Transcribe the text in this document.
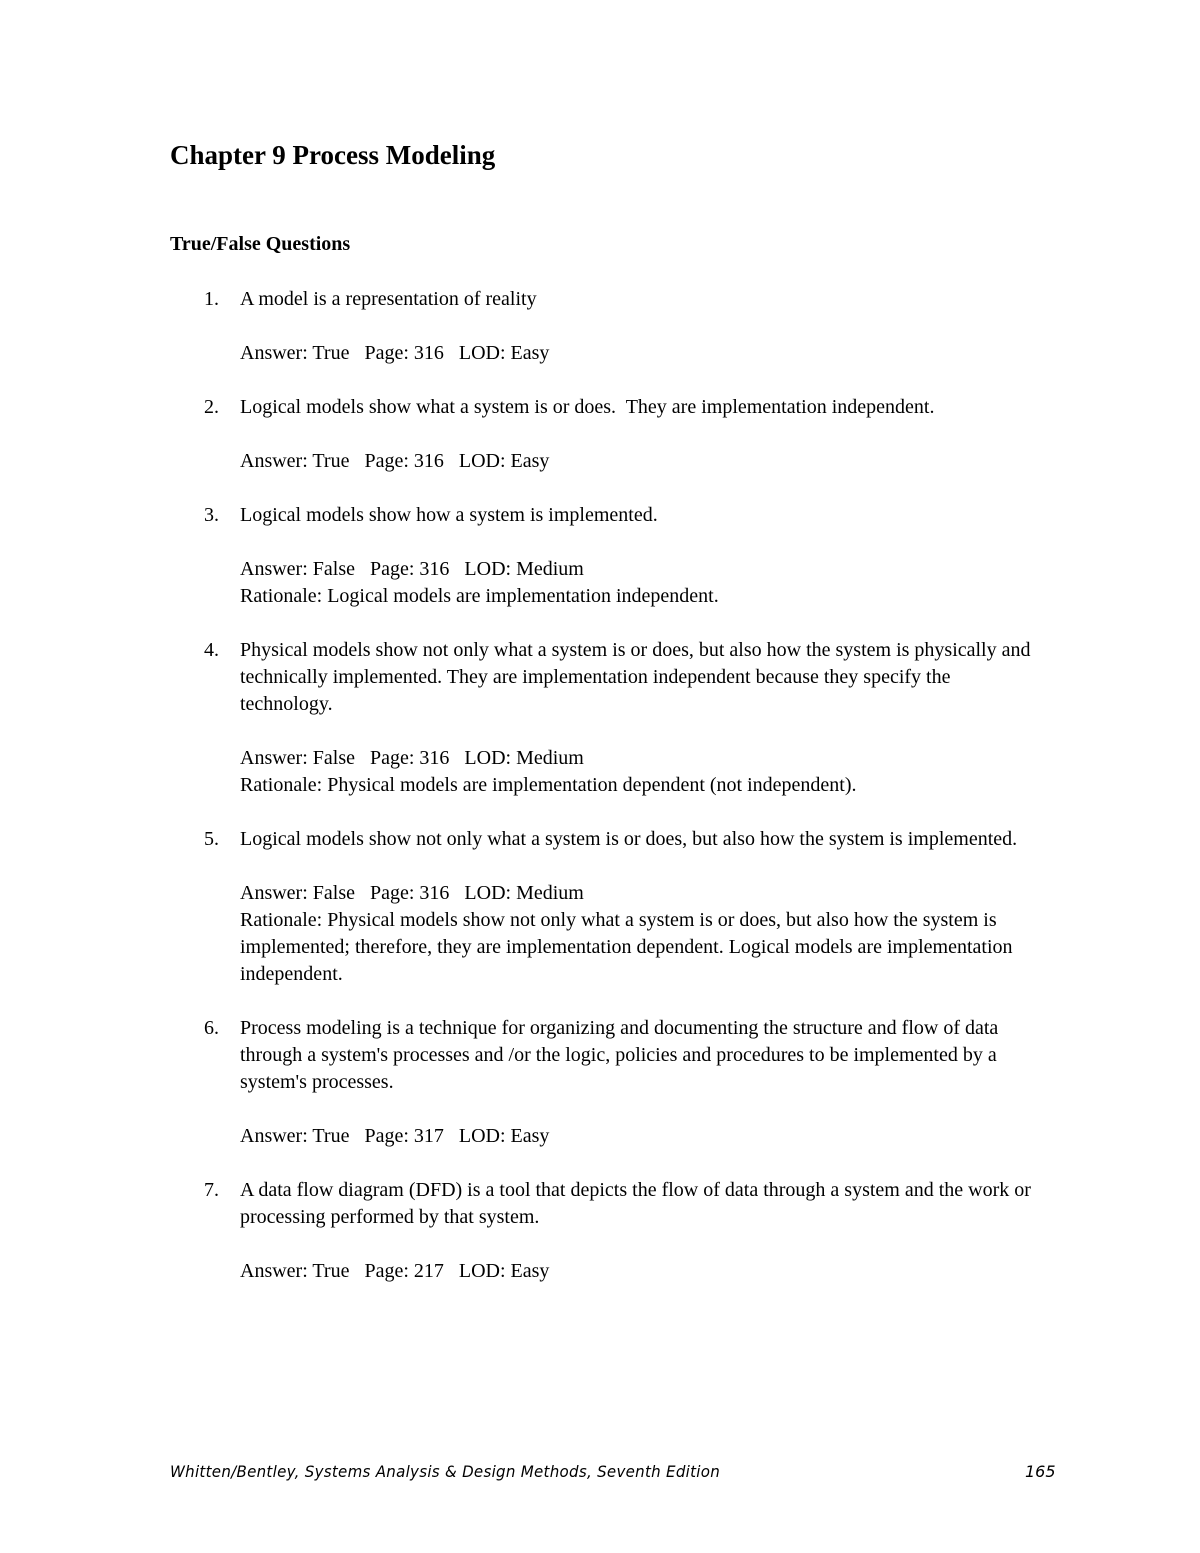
Chapter 9 Process Modeling
True/False Questions
1. A model is a representation of reality

Answer: True   Page: 316   LOD: Easy

2. Logical models show what a system is or does.  They are implementation independent.

Answer: True   Page: 316   LOD: Easy

3. Logical models show how a system is implemented.

Answer: False   Page: 316   LOD: Medium
Rationale: Logical models are implementation independent.

4. Physical models show not only what a system is or does, but also how the system is physically and technically implemented. They are implementation independent because they specify the technology.

Answer: False   Page: 316   LOD: Medium
Rationale: Physical models are implementation dependent (not independent).

5. Logical models show not only what a system is or does, but also how the system is implemented.

Answer: False   Page: 316   LOD: Medium
Rationale: Physical models show not only what a system is or does, but also how the system is implemented; therefore, they are implementation dependent. Logical models are implementation independent.

6. Process modeling is a technique for organizing and documenting the structure and flow of data through a system's processes and /or the logic, policies and procedures to be implemented by a system's processes.

Answer: True   Page: 317   LOD: Easy

7. A data flow diagram (DFD) is a tool that depicts the flow of data through a system and the work or processing performed by that system.

Answer: True   Page: 217   LOD: Easy

Whitten/Bentley, Systems Analysis & Design Methods, Seventh Edition	165
